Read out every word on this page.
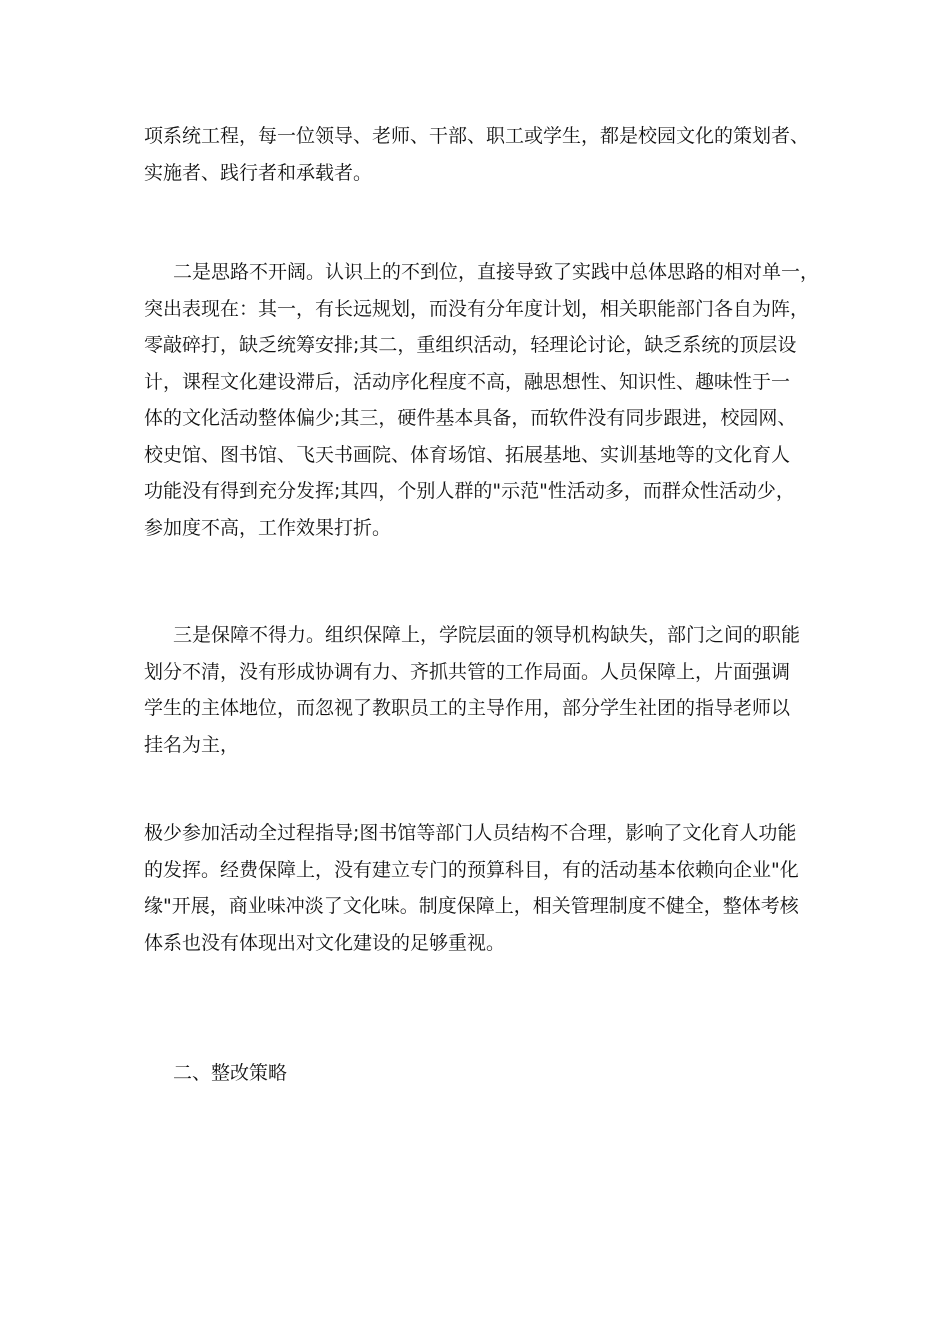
项系统工程，每一位领导、老师、干部、职工或学生，都是校园文化的策划者、
实施者、践行者和承载者。
二是思路不开阔。认识上的不到位，直接导致了实践中总体思路的相对单一，
突出表现在：其一，有长远规划，而没有分年度计划，相关职能部门各自为阵，
零敲碎打，缺乏统筹安排;其二，重组织活动，轻理论讨论，缺乏系统的顶层设
计，课程文化建设滞后，活动序化程度不高，融思想性、知识性、趣味性于一
体的文化活动整体偏少;其三，硬件基本具备，而软件没有同步跟进，校园网、
校史馆、图书馆、飞天书画院、体育场馆、拓展基地、实训基地等的文化育人
功能没有得到充分发挥;其四，个别人群的"示范"性活动多，而群众性活动少，
参加度不高，工作效果打折。
三是保障不得力。组织保障上，学院层面的领导机构缺失，部门之间的职能
划分不清，没有形成协调有力、齐抓共管的工作局面。人员保障上，片面强调
学生的主体地位，而忽视了教职员工的主导作用，部分学生社团的指导老师以
挂名为主，
极少参加活动全过程指导;图书馆等部门人员结构不合理，影响了文化育人功能
的发挥。经费保障上，没有建立专门的预算科目，有的活动基本依赖向企业"化
缘"开展，商业味冲淡了文化味。制度保障上，相关管理制度不健全，整体考核
体系也没有体现出对文化建设的足够重视。
二、整改策略
